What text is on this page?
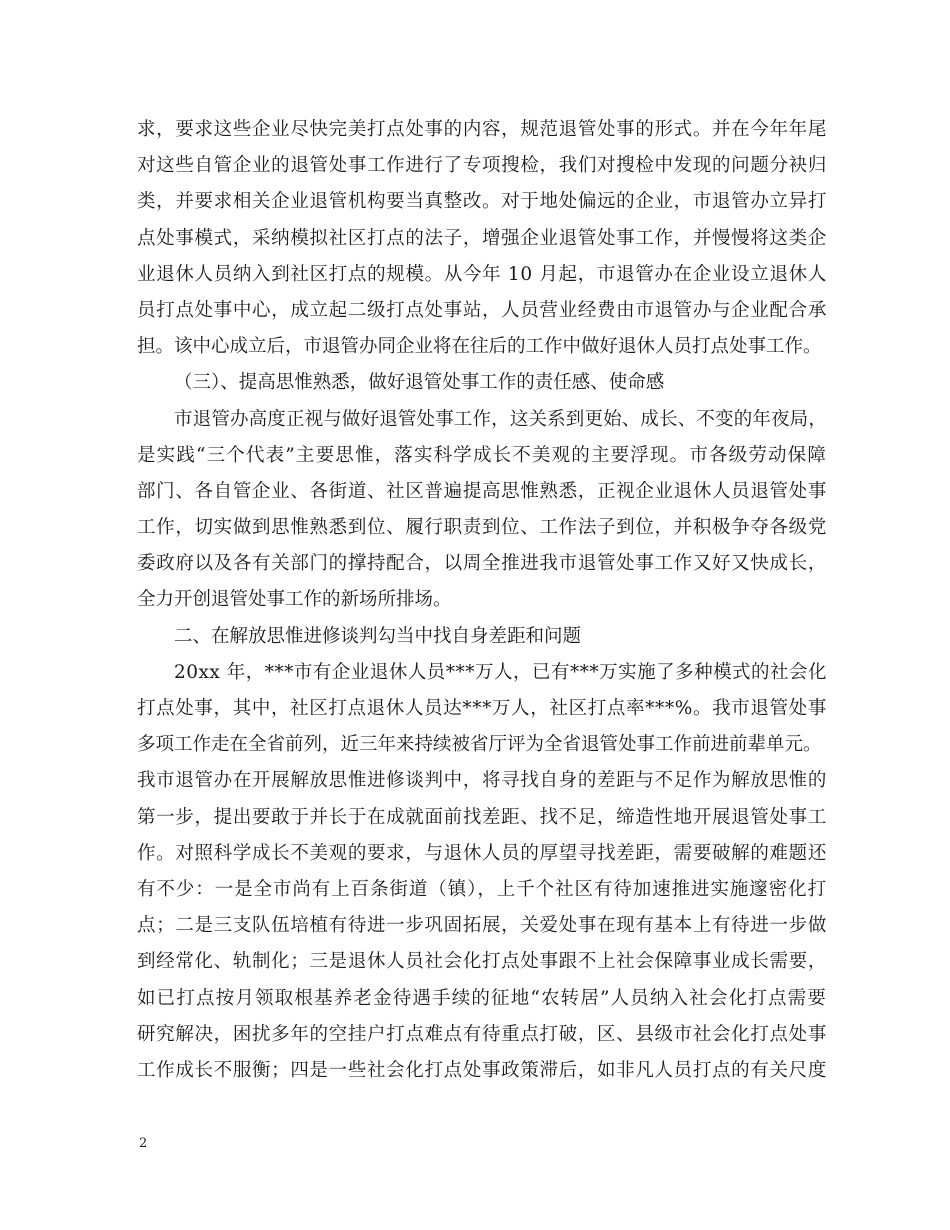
求，要求这些企业尽快完美打点处事的内容，规范退管处事的形式。并在今年年尾
对这些自管企业的退管处事工作进行了专项搜检，我们对搜检中发现的问题分袂归
类，并要求相关企业退管机构要当真整改。对于地处偏远的企业，市退管办立异打
点处事模式，采纳模拟社区打点的法子，增强企业退管处事工作，并慢慢将这类企
业退休人员纳入到社区打点的规模。从今年 10 月起，市退管办在企业设立退休人
员打点处事中心，成立起二级打点处事站，人员营业经费由市退管办与企业配合承
担。该中心成立后，市退管办同企业将在往后的工作中做好退休人员打点处事工作。
（三）、提高思惟熟悉，做好退管处事工作的责任感、使命感
市退管办高度正视与做好退管处事工作，这关系到更始、成长、不变的年夜局，
是实践“三个代表”主要思惟，落实科学成长不美观的主要浮现。市各级劳动保障
部门、各自管企业、各街道、社区普遍提高思惟熟悉，正视企业退休人员退管处事
工作，切实做到思惟熟悉到位、履行职责到位、工作法子到位，并积极争夺各级党
委政府以及各有关部门的撑持配合，以周全推进我市退管处事工作又好又快成长，
全力开创退管处事工作的新场所排场。
二、在解放思惟进修谈判勾当中找自身差距和问题
20xx 年，***市有企业退休人员***万人，已有***万实施了多种模式的社会化
打点处事，其中，社区打点退休人员达***万人，社区打点率***%。我市退管处事
多项工作走在全省前列，近三年来持续被省厅评为全省退管处事工作前进前辈单元。
我市退管办在开展解放思惟进修谈判中，将寻找自身的差距与不足作为解放思惟的
第一步，提出要敢于并长于在成就面前找差距、找不足，缔造性地开展退管处事工
作。对照科学成长不美观的要求，与退休人员的厚望寻找差距，需要破解的难题还
有不少：一是全市尚有上百条街道（镇），上千个社区有待加速推进实施邃密化打
点；二是三支队伍培植有待进一步巩固拓展，关爱处事在现有基本上有待进一步做
到经常化、轨制化；三是退休人员社会化打点处事跟不上社会保障事业成长需要，
如已打点按月领取根基养老金待遇手续的征地“农转居”人员纳入社会化打点需要
研究解决，困扰多年的空挂户打点难点有待重点打破，区、县级市社会化打点处事
工作成长不服衡；四是一些社会化打点处事政策滞后，如非凡人员打点的有关尺度
2
